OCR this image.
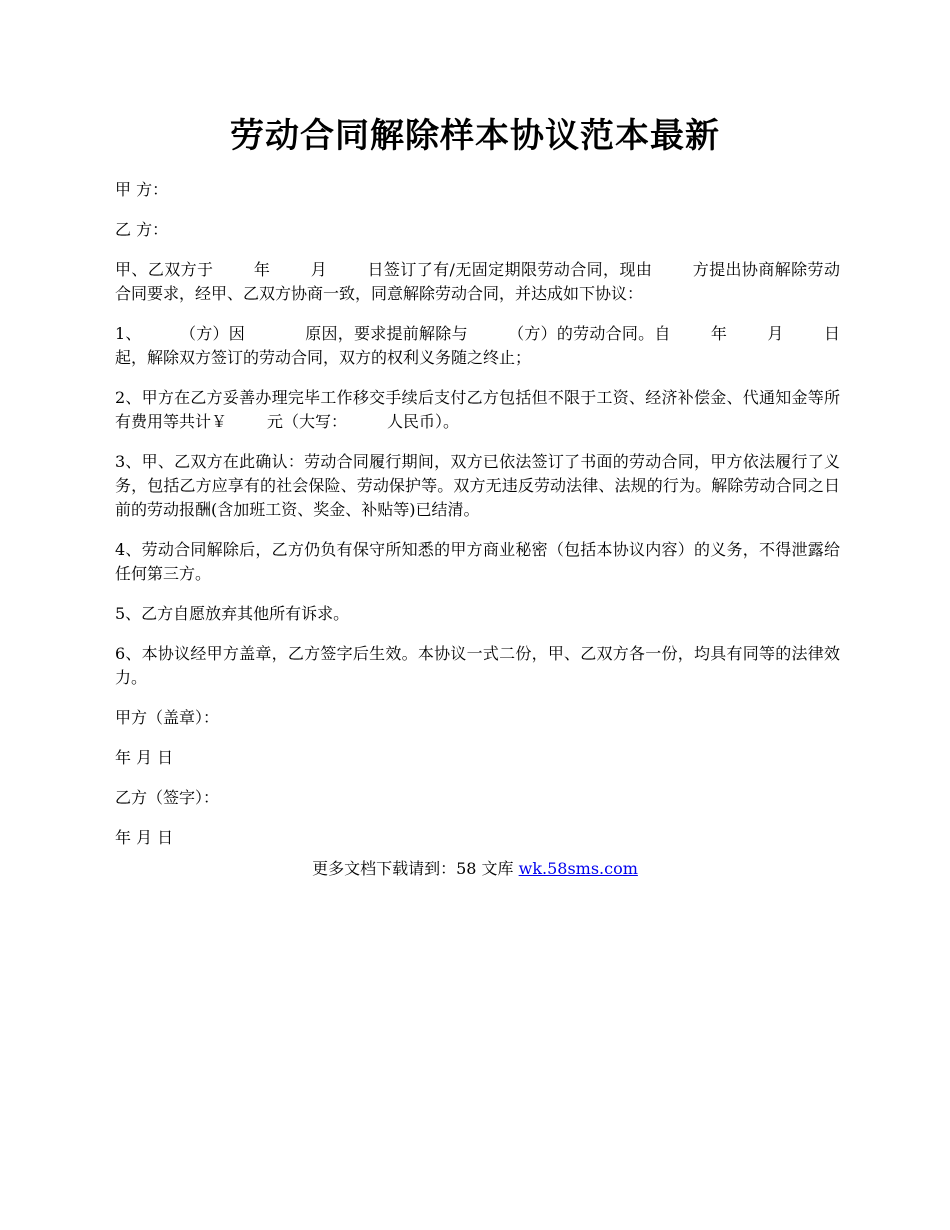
劳动合同解除样本协议范本最新

甲 方：

乙 方：

甲、乙双方于	年	月	日签订了有/无固定期限劳动合同，现由	方提出协商解除劳动合同要求，经甲、乙双方协商一致，同意解除劳动合同，并达成如下协议：

1、 （方）因	原因，要求提前解除与	（方）的劳动合同。自	年	月	日起，解除双方签订的劳动合同，双方的权利义务随之终止；

2、甲方在乙方妥善办理完毕工作移交手续后支付乙方包括但不限于工资、经济补偿金、代通知金等所有费用等共计￥	元（大写：	人民币）。

3、甲、乙双方在此确认：劳动合同履行期间，双方已依法签订了书面的劳动合同，甲方依法履行了义务，包括乙方应享有的社会保险、劳动保护等。双方无违反劳动法律、法规的行为。解除劳动合同之日前的劳动报酬(含加班工资、奖金、补贴等)已结清。

4、劳动合同解除后，乙方仍负有保守所知悉的甲方商业秘密（包括本协议内容）的义务，不得泄露给任何第三方。

5、乙方自愿放弃其他所有诉求。

6、本协议经甲方盖章，乙方签字后生效。本协议一式二份，甲、乙双方各一份，均具有同等的法律效力。

甲方（盖章）：

年 月 日

乙方（签字）：

年 月 日

更多文档下载请到：58 文库 wk.58sms.com
